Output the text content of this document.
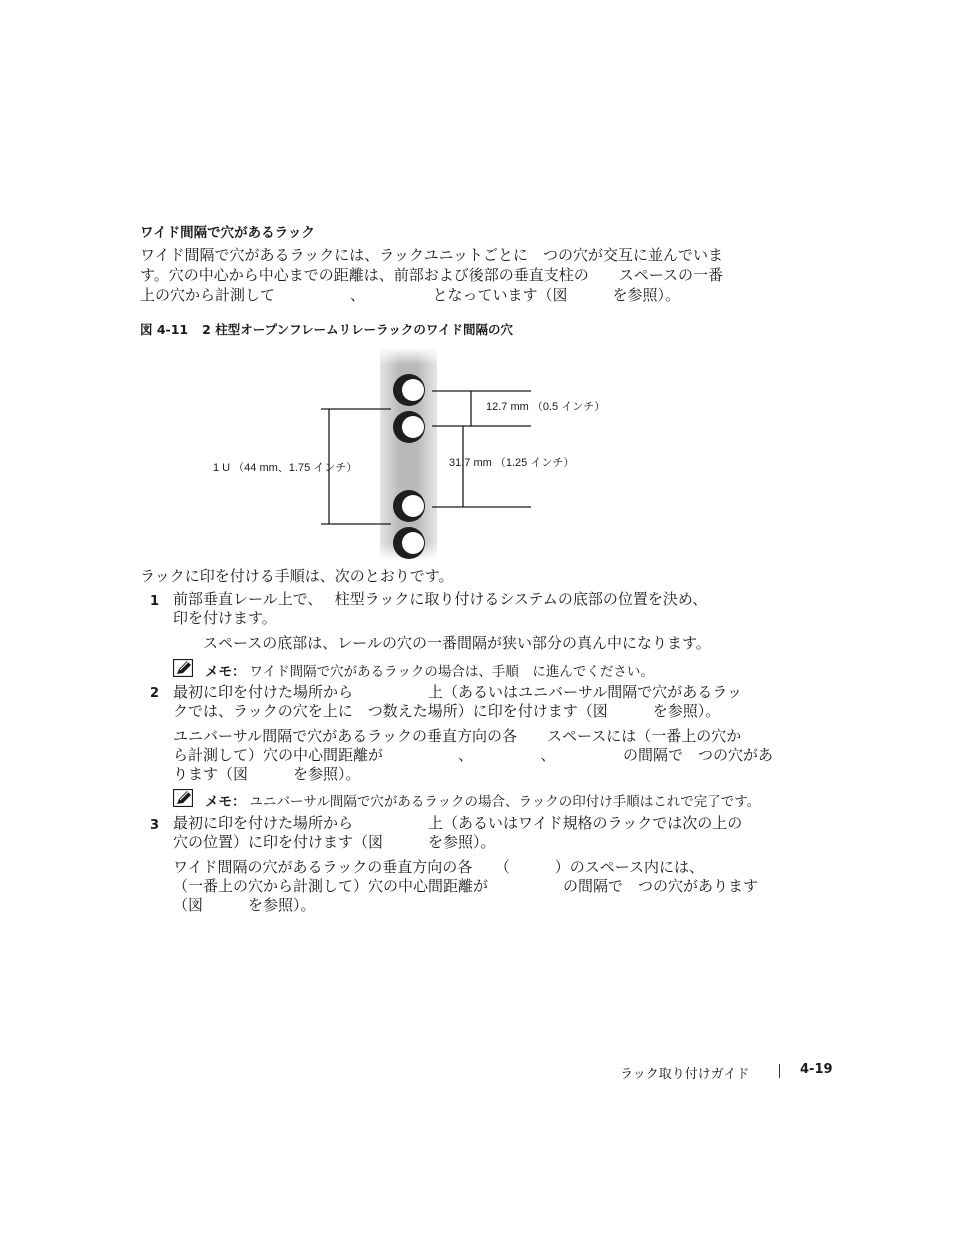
ワイド間隔で穴があるラック
ワイド間隔で穴があるラックには、ラックユニットごとに　つの穴が交互に並んでいま
す。穴の中心から中心までの距離は、前部および後部の垂直支柱の　　スペースの一番
上の穴から計測して　　　　　、　　　　　となっています（図　　　を参照）。
図 4-11 2 柱型オープンフレームリレーラックのワイド間隔の穴
12.7 mm （0.5 インチ）
31.7 mm （1.25 インチ）
1 U （44 mm、1.75 インチ）
ラックに印を付ける手順は、次のとおりです。
1 前部垂直レール上で、　 柱型ラックに取り付けるシステムの底部の位置を決め、
印を付けます。
　　スペースの底部は、レールの穴の一番間隔が狭い部分の真ん中になります。
メモ： ワイド間隔で穴があるラックの場合は、手順　に進んでください。
2 最初に印を付けた場所から　　　　　上（あるいはユニバーサル間隔で穴があるラッ
クでは、ラックの穴を上に　つ数えた場所）に印を付けます（図　　　を参照）。
ユニバーサル間隔で穴があるラックの垂直方向の各　　スペースには（一番上の穴か
ら計測して）穴の中心間距離が　　　　　、　　　　　、　　　　　の間隔で　つの穴があ
ります（図　　　を参照）。
メモ： ユニバーサル間隔で穴があるラックの場合、ラックの印付け手順はこれで完了です。
3 最初に印を付けた場所から　　　　　上（あるいはワイド規格のラックでは次の上の
穴の位置）に印を付けます（図　　　を参照）。
ワイド間隔の穴があるラックの垂直方向の各　　（　　　）のスペース内には、
（一番上の穴から計測して）穴の中心間距離が　　　　　の間隔で　つの穴があります
（図　　　を参照）。
ラック取り付けガイド	4-19
